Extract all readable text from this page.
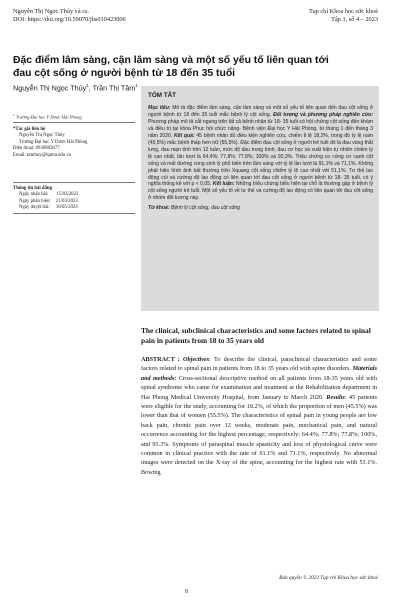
Nguyễn Thị Ngọc Thúy và cs.
DOI: https://doi.org/10.59070/jhs010423006
Tạp chí Khoa học sức khoẻ
Tập 1, số 4 – 2023
Đặc điểm lâm sàng, cận lâm sàng và một số yếu tố liên quan tới đau cột sống ở người bệnh từ 18 đến 35 tuổi
Nguyễn Thị Ngọc Thúy$^1$, Trần Thị Tâm$^1$
$^1$ Trường Đại học Y Dược Hải Phòng
*Tác giả liên hệ
Nguyễn Thị Ngọc Thúy
Trường Đại học Y Dược Hải Phòng
Điện thoại: 0936883877
Email: ntnthuy@hpmu.edu.vn
Thông tin bài đăng
Ngày nhận bài: 15/03/2023
Ngày phản biện: 21/03/2023
Ngày duyệt bài: 16/05/2023
TÓM TẮT
Mục tiêu: Mô tả đặc điểm lâm sàng, cận lâm sàng và một số yếu tố liên quan đến đau cột sống ở người bệnh từ 18 đến 35 tuổi mắc bệnh lý cột sống. Đối tượng và phương pháp nghiên cứu: Phương pháp mô tả cắt ngang trên tất cả bệnh nhân từ 18- 35 tuổi có hội chứng cột sống đến khám và điều trị tại khoa Phục hồi chức năng- Bệnh viện Đại học Y Hải Phòng, từ tháng 1 đến tháng 3 năm 2020. Kết quả: 45 bệnh nhân đủ điều kiện nghiên cứu, chiếm tỉ lệ 18,2%, trong đó tỷ lệ nam (45,5%) mắc bệnh thấp hơn nữ (55,5%). Đặc điểm đau cột sống ở người trẻ tuổi đó là đau vùng thắt lưng, đau mạn tính trên 12 tuần, mức độ đau trung bình, đau cơ học và xuất hiện tự nhiên chiếm tỷ lệ cao nhất, lần lượt là 64,4%; 77,8%; 77,8%; 100% và 93,3%. Triệu chứng co cứng cơ cạnh cột sống và mất đường cong sinh lý phổ biến trên lâm sàng với tỷ lệ lần lượt là 91,1% và 71,1%. Không phát hiện hình ảnh bất thường trên Xquang cột sống chiếm tỷ lệ cao nhất với 51,1%. Tư thế lao động cúi và cường độ lao động có liên quan tới đau cột sống ở người bệnh từ 18- 35 tuổi, có ý nghĩa thống kê với p < 0,05. Kết luận: Những triệu chứng biểu hiện tại chỗ là thường gặp ở bệnh lý cột sống người trẻ tuổi. Một số yếu tố về tư thế và cường độ lao động có liên quan tới đau cột sống ở nhóm đối tượng này.
Từ khoá: Bệnh lý cột sống, đau cột sống
The clinical, subclinical characteristics and some factors related to spinal pain in patients from 18 to 35 years old
ABSTRACT : Objectives: To describe the clinical, paraclinical characteristics and some factors related to spinal pain in patients from 18 to 35 years old with spine disorders. Materials and methods: Cross-sectional descriptive method on all patients from 18-35 years old with spinal syndrome who came for examination and treatment at the Rehabilitation department in Hai Phong Medical University Hospital, from January to March 2020. Results: 45 patients were eligible for the study, accounting for 18.2%, of which the proportion of men (45.5%) was lower than that of women (55.5%). The characteristics of spinal pain in young people are low back pain, chronic pain over 12 weeks, moderate pain, mechanical pain, and natural occurrence accounting for the highest percentage, respectively: 64.4%; 77.8%; 77.8%; 100%, and 93.3%. Symptoms of paraspinal muscle spasticity and loss of physiological curve were common in clinical practice with the rate of 91.1% and 71.1%, respectively. No abnormal images were detected on the X-ray of the spine, accounting for the highest rate with 51.1%. Bowing
Bản quyền © 2023 Tạp chí Khoa học sức khoẻ
8
